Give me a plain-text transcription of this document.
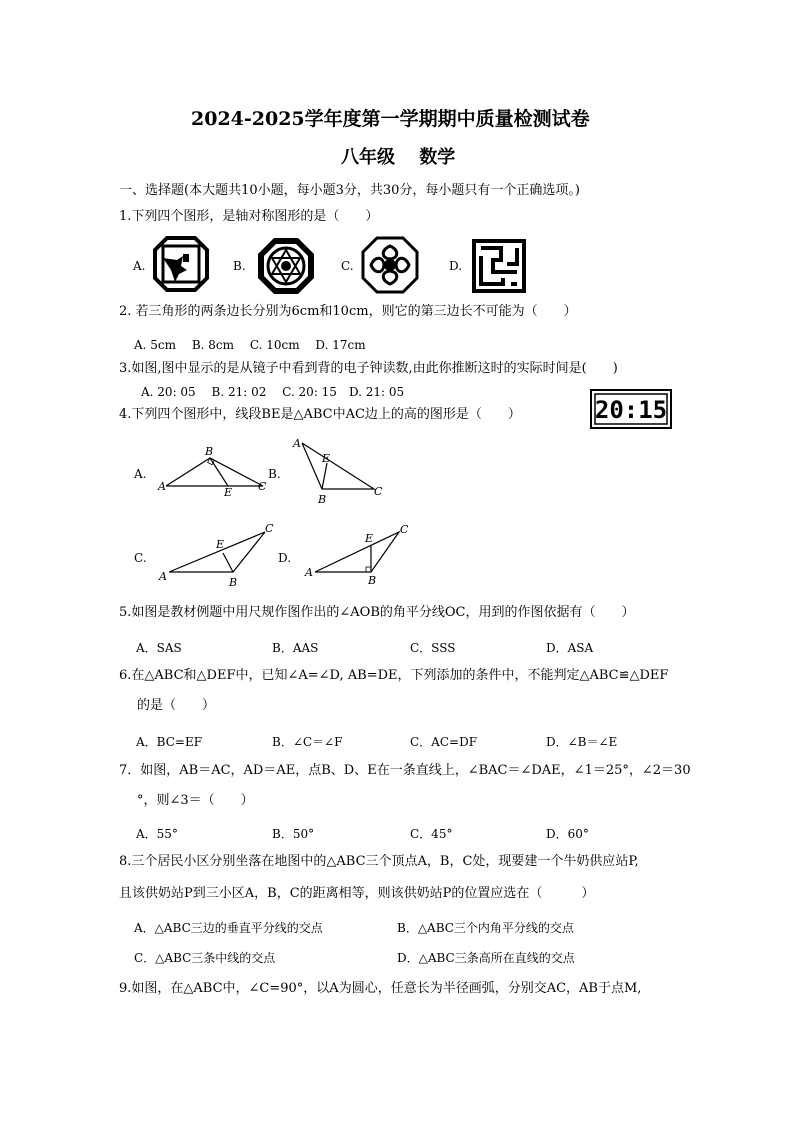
2024-2025学年度第一学期期中质量检测试卷
八年级　 数学
一、选择题(本大题共10小题，每小题3分，共30分，每小题只有一个正确选项。)
1.下列四个图形，是轴对称图形的是（　　）
A.	B.	C.	D.
2. 若三角形的两条边长分别为6cm和10cm，则它的第三边长不可能为（　　）
A. 5cm　 B. 8cm　 C. 10cm　 D. 17cm
3.如图,图中显示的是从镜子中看到背的电子钟读数,由此你推断这时的实际时间是(　　)
A. 20: 05　 B. 21: 02　 C. 20: 15　D. 21: 05
20:15
4.下列四个图形中，线段BE是△ABC中AC边上的高的图形是（　　）
A.
A
B
C
E
B.
A
E
B
C
C.
A
C
E
B
D.
A
C
E
B
5.如图是教材例题中用尺规作图作出的∠AOB的角平分线OC，用到的作图依据有（　　）
A．SAS	B．AAS	C．SSS	D．ASA
6.在△ABC和△DEF中，已知∠A=∠D, AB=DE，下列添加的条件中，不能判定△ABC≌△DEF
的是（　　）
A．BC=EF	B．∠C＝∠F	C．AC=DF	D．∠B＝∠E
7．如图，AB＝AC，AD＝AE，点B、D、E在一条直线上，∠BAC＝∠DAE，∠1＝25°，∠2＝30
°，则∠3＝（　　）
A．55°	B．50°	C．45°	D．60°
8.三个居民小区分别坐落在地图中的△ABC三个顶点A，B，C处，现要建一个牛奶供应站P,
且该供奶站P到三小区A，B，C的距离相等，则该供奶站P的位置应选在（　　　）
A．△ABC三边的垂直平分线的交点	B．△ABC三个内角平分线的交点
C．△ABC三条中线的交点	D．△ABC三条高所在直线的交点
9.如图，在△ABC中，∠C=90°，以A为圆心，任意长为半径画弧，分别交AC，AB于点M,
